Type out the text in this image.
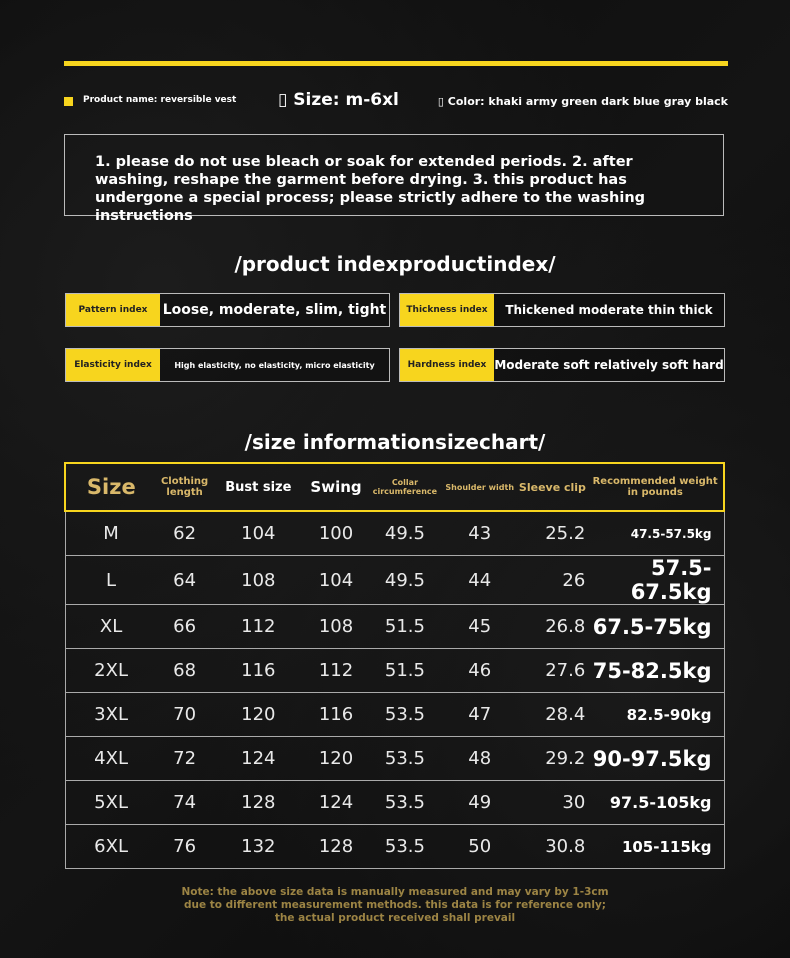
Product name: reversible vest ▯ Size: m-6xl	▯ Color: khaki army green dark blue gray black
1. please do not use bleach or soak for extended periods. 2. after washing, reshape the garment before drying. 3. this product has undergone a special process; please strictly adhere to the washing instructions
/product indexproductindex/
Pattern index	Loose, moderate, slim, tight	Thickness index	Thickened moderate thin thick
Elasticity index	High elasticity, no elasticity, micro elasticity	Hardness index Moderate soft relatively soft hard
/size informationsizechart/
Size	Clothing length	Bust size	Swing	Collar circumference	Shoulder width	Sleeve clip	Recommended weight in pounds
M	62	104	100	49.5	43	25.2	47.5-57.5kg
L	64	108	104	49.5	44	26	57.5-67.5kg
XL	66	112	108	51.5	45	26.8	67.5-75kg
2XL	68	116	112	51.5	46	27.6	75-82.5kg
3XL	70	120	116	53.5	47	28.4	82.5-90kg
4XL	72	124	120	53.5	48	29.2	90-97.5kg
5XL	74	128	124	53.5	49	30	97.5-105kg
6XL	76	132	128	53.5	50	30.8	105-115kg
Note: the above size data is manually measured and may vary by 1-3cm due to different measurement methods. this data is for reference only; the actual product received shall prevail
